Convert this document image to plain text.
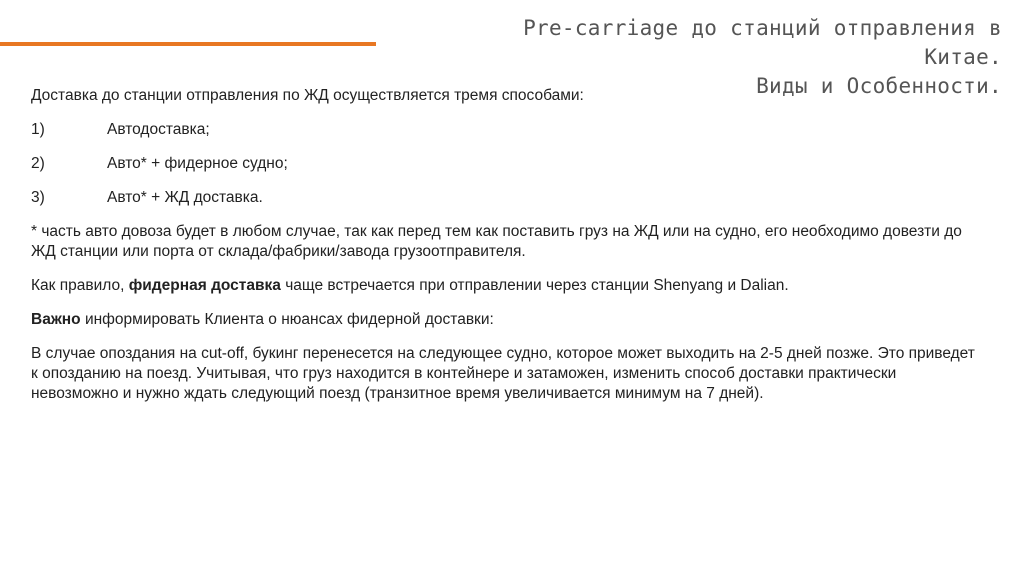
Pre-carriage до станций отправления в
Китае.
Виды и Особенности.

Доставка до станции отправления по ЖД осуществляется тремя способами:

1)	Автодоставка;
2)	Авто* + фидерное судно;
3)	Авто* + ЖД доставка.

* часть авто довоза будет в любом случае, так как перед тем как поставить груз на ЖД или на судно, его необходимо довезти до ЖД станции или порта от склада/фабрики/завода грузоотправителя.

Как правило, фидерная доставка чаще встречается при отправлении через станции Shenyang и Dalian.

Важно информировать Клиента о нюансах фидерной доставки:

В случае опоздания на cut-off, букинг перенесется на следующее судно, которое может выходить на 2-5 дней позже. Это приведет к опозданию на поезд. Учитывая, что груз находится в контейнере и затаможен, изменить способ доставки практически невозможно и нужно ждать следующий поезд (транзитное время увеличивается минимум на 7 дней).
